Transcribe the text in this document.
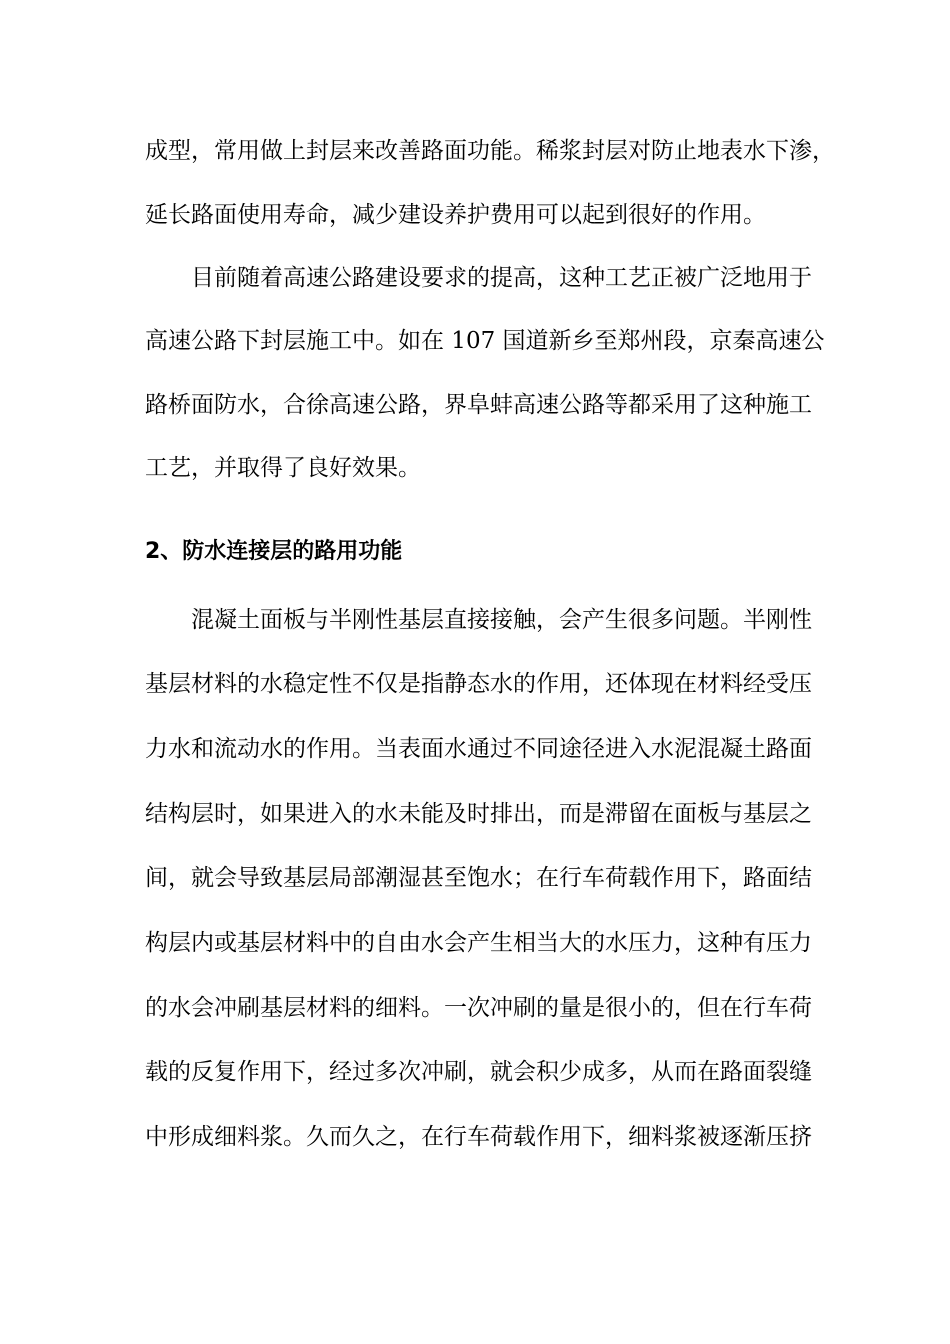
成型，常用做上封层来改善路面功能。稀浆封层对防止地表水下渗，
延长路面使用寿命，减少建设养护费用可以起到很好的作用。
目前随着高速公路建设要求的提高，这种工艺正被广泛地用于
高速公路下封层施工中。如在 107 国道新乡至郑州段，京秦高速公
路桥面防水，合徐高速公路，界阜蚌高速公路等都采用了这种施工
工艺，并取得了良好效果。
2、防水连接层的路用功能
混凝土面板与半刚性基层直接接触，会产生很多问题。半刚性
基层材料的水稳定性不仅是指静态水的作用，还体现在材料经受压
力水和流动水的作用。当表面水通过不同途径进入水泥混凝土路面
结构层时，如果进入的水未能及时排出，而是滞留在面板与基层之
间，就会导致基层局部潮湿甚至饱水；在行车荷载作用下，路面结
构层内或基层材料中的自由水会产生相当大的水压力，这种有压力
的水会冲刷基层材料的细料。一次冲刷的量是很小的，但在行车荷
载的反复作用下，经过多次冲刷，就会积少成多，从而在路面裂缝
中形成细料浆。久而久之，在行车荷载作用下，细料浆被逐渐压挤
